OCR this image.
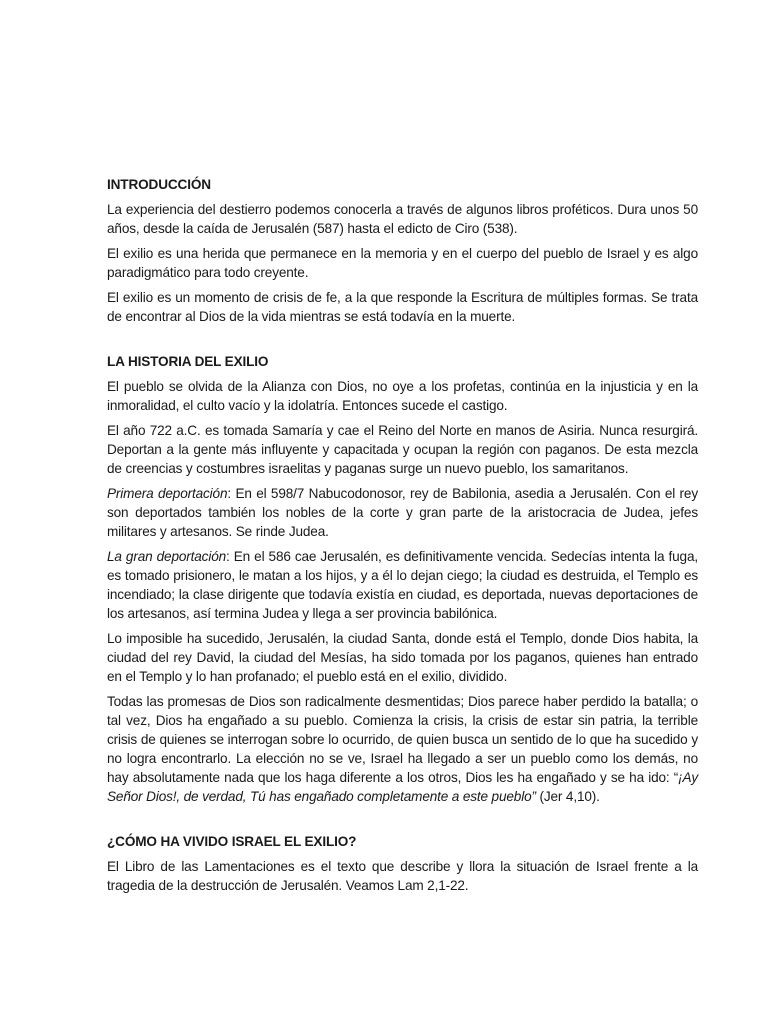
INTRODUCCIÓN

La experiencia del destierro podemos conocerla a través de algunos libros proféticos. Dura unos 50 años, desde la caída de Jerusalén (587) hasta el edicto de Ciro (538).

El exilio es una herida que permanece en la memoria y en el cuerpo del pueblo de Israel y es algo paradigmático para todo creyente.

El exilio es un momento de crisis de fe, a la que responde la Escritura de múltiples formas. Se trata de encontrar al Dios de la vida mientras se está todavía en la muerte.

LA HISTORIA DEL EXILIO

El pueblo se olvida de la Alianza con Dios, no oye a los profetas, continúa en la injusticia y en la inmoralidad, el culto vacío y la idolatría. Entonces sucede el castigo.

El año 722 a.C. es tomada Samaría y cae el Reino del Norte en manos de Asiria. Nunca resurgirá. Deportan a la gente más influyente y capacitada y ocupan la región con paganos. De esta mezcla de creencias y costumbres israelitas y paganas surge un nuevo pueblo, los samaritanos.

Primera deportación: En el 598/7 Nabucodonosor, rey de Babilonia, asedia a Jerusalén. Con el rey son deportados también los nobles de la corte y gran parte de la aristocracia de Judea, jefes militares y artesanos. Se rinde Judea.

La gran deportación: En el 586 cae Jerusalén, es definitivamente vencida. Sedecías intenta la fuga, es tomado prisionero, le matan a los hijos, y a él lo dejan ciego; la ciudad es destruida, el Templo es incendiado; la clase dirigente que todavía existía en ciudad, es deportada, nuevas deportaciones de los artesanos, así termina Judea y llega a ser provincia babilónica.

Lo imposible ha sucedido, Jerusalén, la ciudad Santa, donde está el Templo, donde Dios habita, la ciudad del rey David, la ciudad del Mesías, ha sido tomada por los paganos, quienes han entrado en el Templo y lo han profanado; el pueblo está en el exilio, dividido.

Todas las promesas de Dios son radicalmente desmentidas; Dios parece haber perdido la batalla; o tal vez, Dios ha engañado a su pueblo. Comienza la crisis, la crisis de estar sin patria, la terrible crisis de quienes se interrogan sobre lo ocurrido, de quien busca un sentido de lo que ha sucedido y no logra encontrarlo. La elección no se ve, Israel ha llegado a ser un pueblo como los demás, no hay absolutamente nada que los haga diferente a los otros, Dios les ha engañado y se ha ido: “¡Ay Señor Dios!, de verdad, Tú has engañado completamente a este pueblo” (Jer 4,10).

¿CÓMO HA VIVIDO ISRAEL EL EXILIO?

El Libro de las Lamentaciones es el texto que describe y llora la situación de Israel frente a la tragedia de la destrucción de Jerusalén. Veamos Lam 2,1-22.
